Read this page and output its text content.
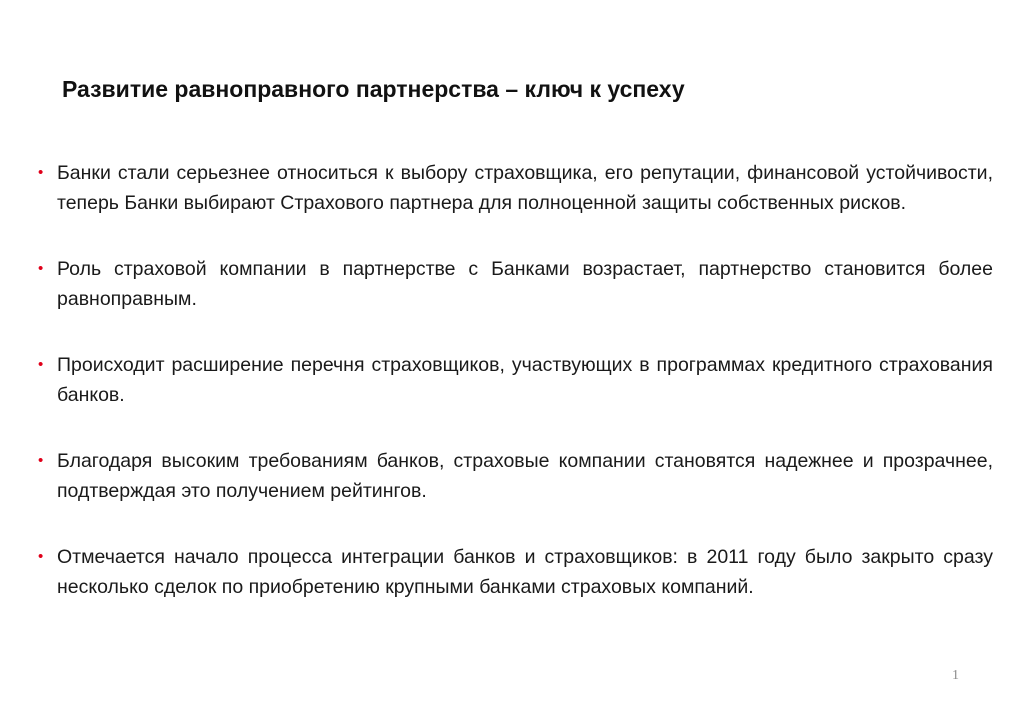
Развитие равноправного партнерства – ключ к успеху
• Банки стали серьезнее относиться к выбору страховщика, его репутации, финансовой устойчивости, теперь Банки выбирают Страхового партнера для полноценной защиты собственных рисков.
• Роль страховой компании в партнерстве с Банками возрастает, партнерство становится более равноправным.
• Происходит расширение перечня страховщиков, участвующих в программах кредитного страхования банков.
• Благодаря высоким требованиям банков, страховые компании становятся надежнее и прозрачнее, подтверждая это получением рейтингов.
• Отмечается начало процесса интеграции банков и страховщиков: в 2011 году было закрыто сразу несколько сделок по приобретению крупными банками страховых компаний.
1
